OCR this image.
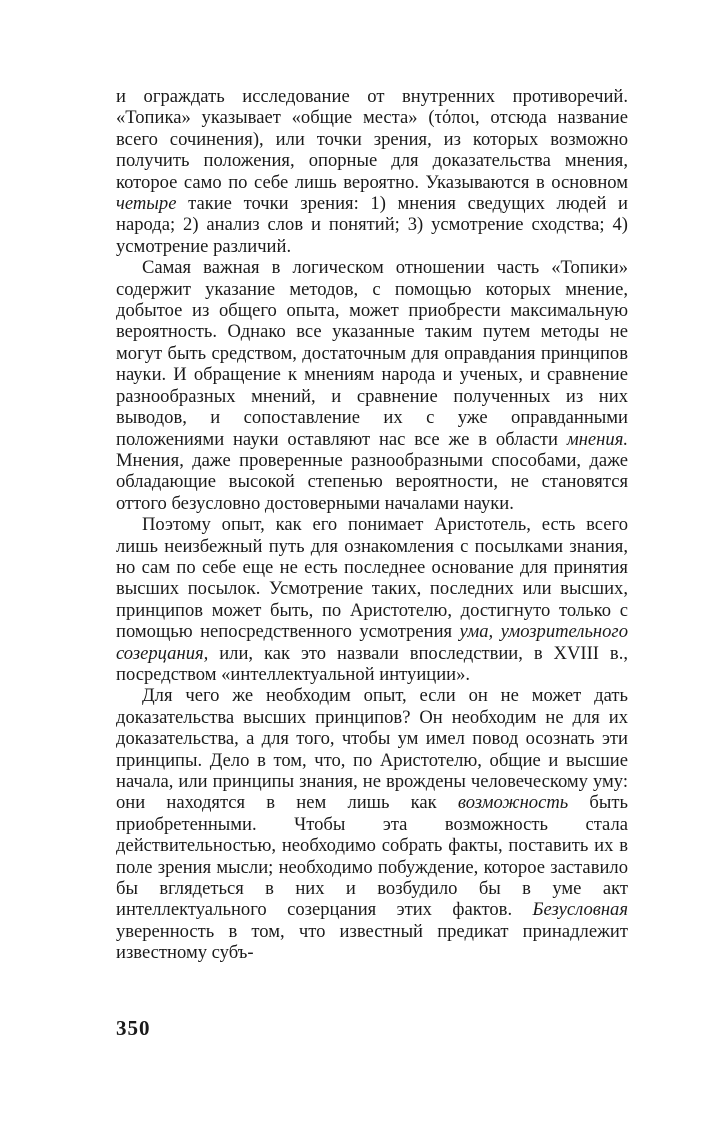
и ограждать исследование от внутренних противоречий. «Топика» указывает «общие места» (τόποι, отсюда название всего сочинения), или точки зрения, из которых возможно получить положения, опорные для доказательства мнения, которое само по себе лишь вероятно. Указываются в основном четыре такие точки зрения: 1) мнения сведущих людей и народа; 2) анализ слов и понятий; 3) усмотрение сходства; 4) усмотрение различий.

Самая важная в логическом отношении часть «Топики» содержит указание методов, с помощью которых мнение, добытое из общего опыта, может приобрести максимальную вероятность. Однако все указанные таким путем методы не могут быть средством, достаточным для оправдания принципов науки. И обращение к мнениям народа и ученых, и сравнение разнообразных мнений, и сравнение полученных из них выводов, и сопоставление их с уже оправданными положениями науки оставляют нас все же в области мнения. Мнения, даже проверенные разнообразными способами, даже обладающие высокой степенью вероятности, не становятся оттого безусловно достоверными началами науки.

Поэтому опыт, как его понимает Аристотель, есть всего лишь неизбежный путь для ознакомления с посылками знания, но сам по себе еще не есть последнее основание для принятия высших посылок. Усмотрение таких, последних или высших, принципов может быть, по Аристотелю, достигнуто только с помощью непосредственного усмотрения ума, умозрительного созерцания, или, как это назвали впоследствии, в XVIII в., посредством «интеллектуальной интуиции».

Для чего же необходим опыт, если он не может дать доказательства высших принципов? Он необходим не для их доказательства, а для того, чтобы ум имел повод осознать эти принципы. Дело в том, что, по Аристотелю, общие и высшие начала, или принципы знания, не врождены человеческому уму: они находятся в нем лишь как возможность быть приобретенными. Чтобы эта возможность стала действительностью, необходимо собрать факты, поставить их в поле зрения мысли; необходимо побуждение, которое заставило бы вглядеться в них и возбудило бы в уме акт интеллектуального созерцания этих фактов. Безусловная уверенность в том, что известный предикат принадлежит известному субъ-

350
